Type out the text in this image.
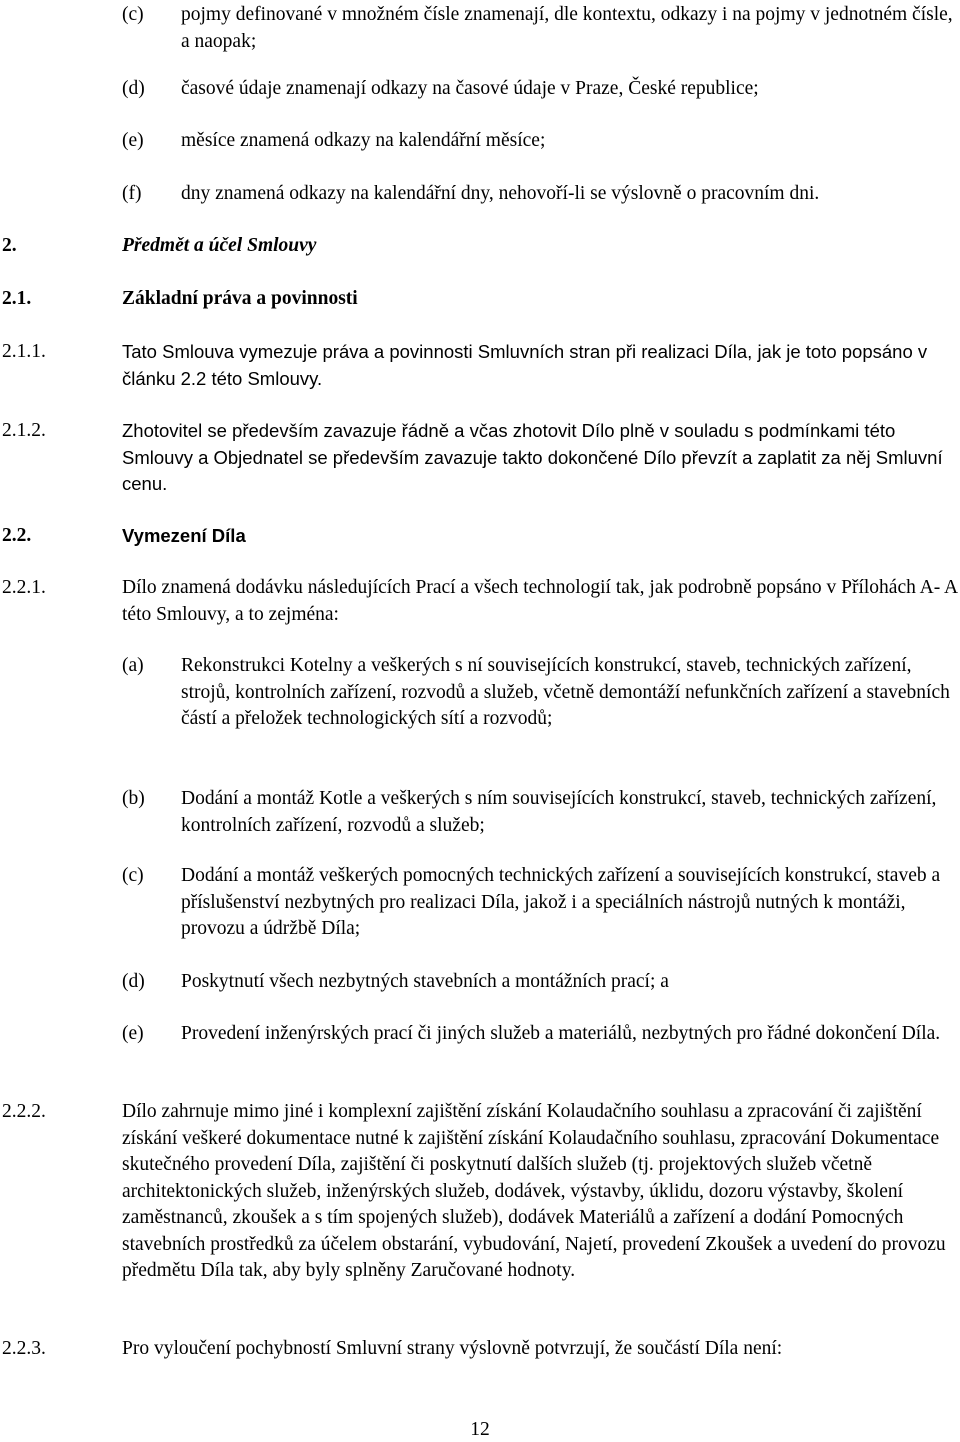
(c) pojmy definované v množném čísle znamenají, dle kontextu, odkazy i na pojmy v jednotném čísle, a naopak;
(d) časové údaje znamenají odkazy na časové údaje v Praze, České republice;
(e) měsíce znamená odkazy na kalendářní měsíce;
(f) dny znamená odkazy na kalendářní dny, nehovoří-li se výslovně o pracovním dni.
2.	Předmět a účel Smlouvy
2.1.	Základní práva a povinnosti
2.1.1.	Tato Smlouva vymezuje práva a povinnosti Smluvních stran při realizaci Díla, jak je toto popsáno v článku 2.2 této Smlouvy.
2.1.2.	Zhotovitel se především zavazuje řádně a včas zhotovit Dílo plně v souladu s podmínkami této Smlouvy a Objednatel se především zavazuje takto dokončené Dílo převzít a zaplatit za něj Smluvní cenu.
2.2.	Vymezení Díla
2.2.1.	Dílo znamená dodávku následujících Prací a všech technologií tak, jak podrobně popsáno v Přílohách A- A této Smlouvy, a to zejména:
(a) Rekonstrukci Kotelny a veškerých s ní souvisejících konstrukcí, staveb, technických zařízení, strojů, kontrolních zařízení, rozvodů a služeb, včetně demontáží nefunkčních zařízení a stavebních částí a přeložek technologických sítí a rozvodů;
(b) Dodání a montáž Kotle a veškerých s ním souvisejících konstrukcí, staveb, technických zařízení, kontrolních zařízení, rozvodů a služeb;
(c) Dodání a montáž veškerých pomocných technických zařízení a souvisejících konstrukcí, staveb a příslušenství nezbytných pro realizaci Díla, jakož i a speciálních nástrojů nutných k montáži, provozu a údržbě Díla;
(d) Poskytnutí všech nezbytných stavebních a montážních prací; a
(e) Provedení inženýrských prací či jiných služeb a materiálů, nezbytných pro řádné dokončení Díla.
2.2.2.	Dílo zahrnuje mimo jiné i komplexní zajištění získání Kolaudačního souhlasu a zpracování či zajištění získání veškeré dokumentace nutné k zajištění získání Kolaudačního souhlasu, zpracování Dokumentace skutečného provedení Díla, zajištění či poskytnutí dalších služeb (tj. projektových služeb včetně architektonických služeb, inženýrských služeb, dodávek, výstavby, úklidu, dozoru výstavby, školení zaměstnanců, zkoušek a s tím spojených služeb), dodávek Materiálů a zařízení a dodání Pomocných stavebních prostředků za účelem obstarání, vybudování, Najetí, provedení Zkoušek a uvedení do provozu předmětu Díla tak, aby byly splněny Zaručované hodnoty.
2.2.3.	Pro vyloučení pochybností Smluvní strany výslovně potvrzují, že součástí Díla není:
12
